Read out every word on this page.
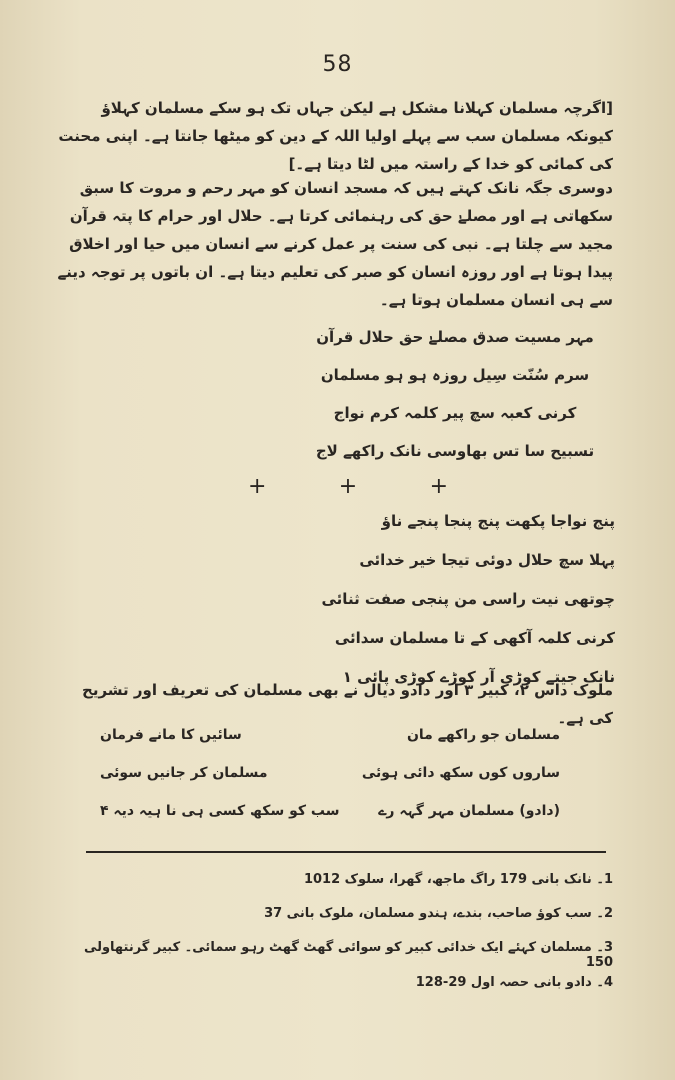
58

[اگرچہ مسلمان کہلانا مشکل ہے لیکن جہاں تک ہو سکے مسلمان کہلاؤ کیونکہ مسلمان سب سے پہلے اولیا اللہ کے دین کو میٹھا جانتا ہے۔ اپنی محنت کی کمائی کو خدا کے راستہ میں لٹا دیتا ہے۔]

دوسری جگہ نانک کہتے ہیں کہ مسجد انسان کو مہر رحم و مروت کا سبق سکھاتی ہے اور مصلےٰ حق کی رہنمائی کرتا ہے۔ حلال اور حرام کا پتہ قرآن مجید سے چلتا ہے۔ نبی کی سنت پر عمل کرنے سے انسان میں حیا اور اخلاق پیدا ہوتا ہے اور روزہ انسان کو صبر کی تعلیم دیتا ہے۔ ان باتوں پر توجہ دینے سے ہی انسان مسلمان ہوتا ہے۔

مہر مسیت صدق مصلےٰ حق حلال قرآن
سرم سُنّت سِیل روزہ ہو ہو مسلمان
کرنی کعبہ سچ پیر کلمہ کرم نواج
تسبیح سا تس بھاوسی نانک راکھے لاج
+	+	+
پنج نواجا پکھت پنج پنجا پنجے ناؤ
پہلا سچ حلال دوئی تیجا خیر خدائی
چوتھی نیت راسی من پنجی صفت ثنائی
کرنی کلمہ آکھی کے تا مسلمان سدائی
نانک جیتے کوڑی آر کوڑے کوڑی پائی ۱

ملوک داس ۲، کبیر ۳ اور دادو دیال نے بھی مسلمان کی تعریف اور تشریح کی ہے۔

مسلمان جو راکھے مان
سائیں کا مانے فرمان
ساروں کوں سکھ دائی ہوئی
مسلمان کر جانیں سوئی
(دادو) مسلمان مہر گہہ رے
سب کو سکھ کسی ہی نا ہیہ دیہ ۴

1۔ نانک بانی 179 راگ ماجھ، گھرا، سلوک 1012

2۔ سب کوؤ صاحب، بندے، ہندو مسلمان، ملوک بانی 37

3۔ مسلمان کہئے ایک خدائی کبیر کو سوائی گھٹ گھٹ رہو سمائی۔ کبیر گرنتھاولی 150

4۔ دادو بانی حصہ اول 29-128
